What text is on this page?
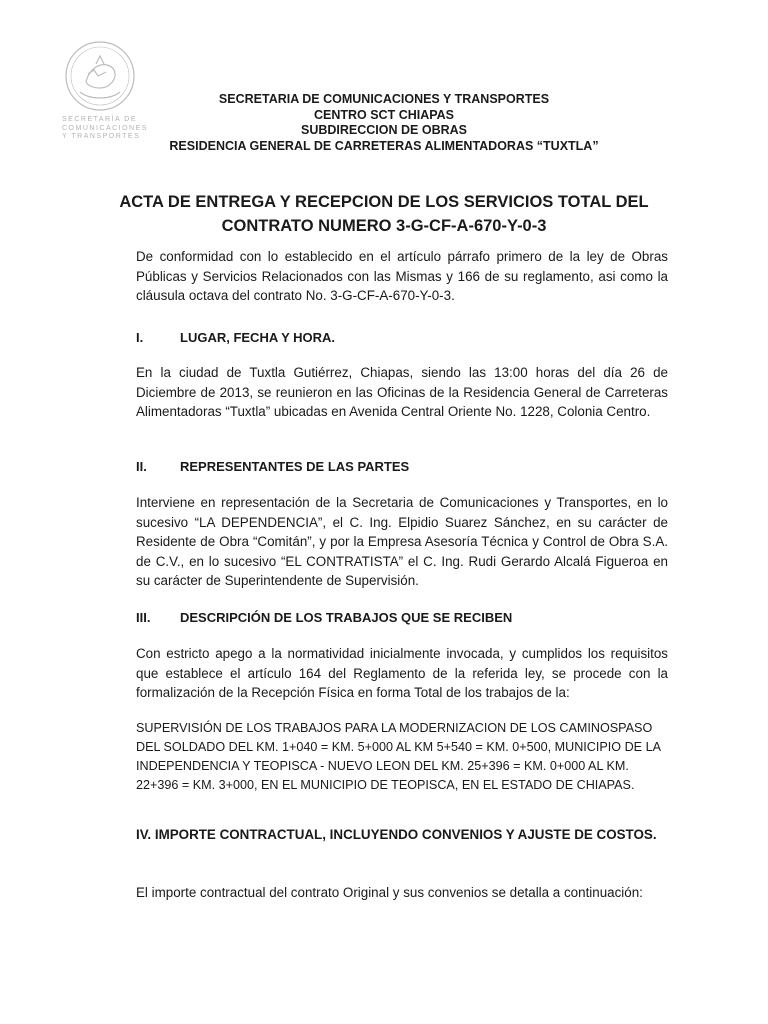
SECRETARÍA DE
COMUNICACIONES
Y TRANSPORTES
SECRETARIA DE COMUNICACIONES Y TRANSPORTES
CENTRO SCT CHIAPAS
SUBDIRECCION DE OBRAS
RESIDENCIA GENERAL DE CARRETERAS ALIMENTADORAS “TUXTLA”
ACTA DE ENTREGA Y RECEPCION DE LOS SERVICIOS TOTAL DEL
CONTRATO NUMERO 3-G-CF-A-670-Y-0-3
De conformidad con lo establecido en el artículo párrafo primero de la ley de Obras Públicas y Servicios Relacionados con las Mismas y 166 de su reglamento, asi como la cláusula octava del contrato No. 3-G-CF-A-670-Y-0-3.
I.	LUGAR, FECHA Y HORA.
En la ciudad de Tuxtla Gutiérrez, Chiapas, siendo las 13:00 horas del día 26 de Diciembre de 2013, se reunieron en las Oficinas de la Residencia General de Carreteras Alimentadoras “Tuxtla” ubicadas en Avenida Central Oriente No. 1228, Colonia Centro.
II.	REPRESENTANTES DE LAS PARTES
Interviene en representación de la Secretaria de Comunicaciones y Transportes, en lo sucesivo “LA DEPENDENCIA”, el C. Ing. Elpidio Suarez Sánchez, en su carácter de Residente de Obra “Comitán”, y por la Empresa Asesoría Técnica y Control de Obra S.A. de C.V., en lo sucesivo “EL CONTRATISTA” el C. Ing. Rudi Gerardo Alcalá Figueroa en su carácter de Superintendente de Supervisión.
III. DESCRIPCIÓN DE LOS TRABAJOS QUE SE RECIBEN
Con estricto apego a la normatividad inicialmente invocada, y cumplidos los requisitos que establece el artículo 164 del Reglamento de la referida ley, se procede con la formalización de la Recepción Física en forma Total de los trabajos de la:
SUPERVISIÓN DE LOS TRABAJOS PARA LA MODERNIZACION DE LOS CAMINOSPASO DEL SOLDADO DEL KM. 1+040 = KM. 5+000 AL KM 5+540 = KM. 0+500, MUNICIPIO DE LA INDEPENDENCIA Y TEOPISCA - NUEVO LEON DEL KM. 25+396 = KM. 0+000 AL KM. 22+396 = KM. 3+000, EN EL MUNICIPIO DE TEOPISCA, EN EL ESTADO DE CHIAPAS.
IV. IMPORTE CONTRACTUAL, INCLUYENDO CONVENIOS Y AJUSTE DE COSTOS.
El importe contractual del contrato Original y sus convenios se detalla a continuación:
